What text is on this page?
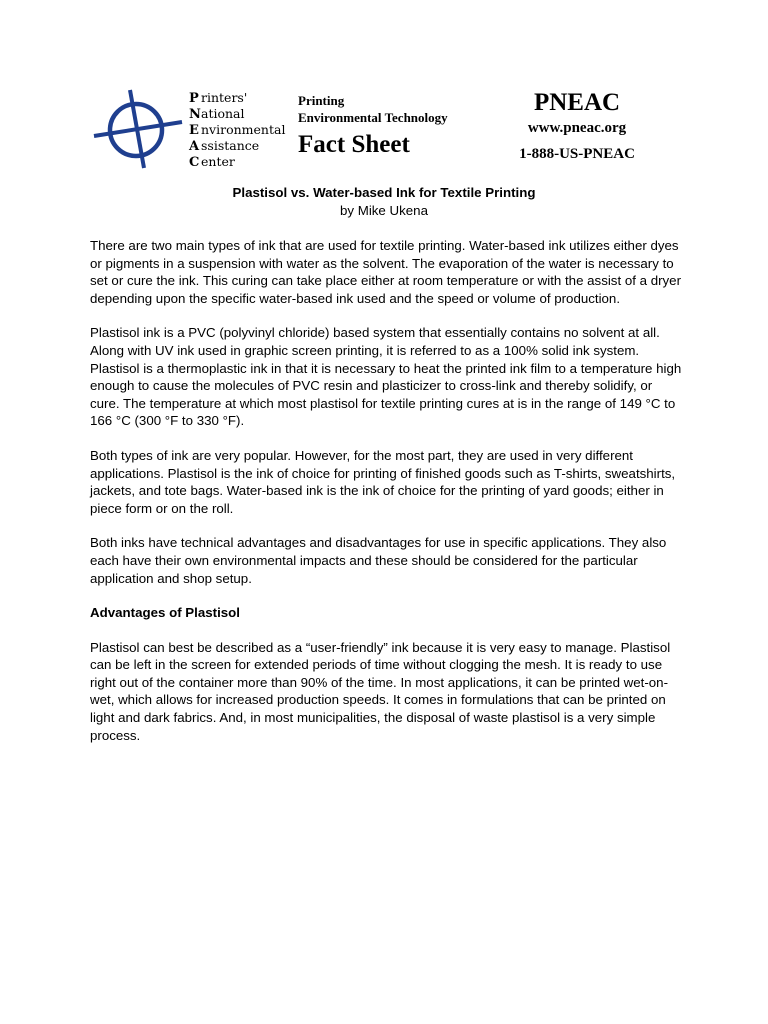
P rinters'
National
E nvironmental
A ssistance
C enter
Printing
Environmental Technology
Fact Sheet
PNEAC
www.pneac.org
1-888-US-PNEAC
Plastisol vs. Water-based Ink for Textile Printing
by Mike Ukena

There are two main types of ink that are used for textile printing. Water-based ink utilizes either dyes or pigments in a suspension with water as the solvent. The evaporation of the water is necessary to set or cure the ink. This curing can take place either at room temperature or with the assist of a dryer depending upon the specific water-based ink used and the speed or volume of production.

Plastisol ink is a PVC (polyvinyl chloride) based system that essentially contains no solvent at all. Along with UV ink used in graphic screen printing, it is referred to as a 100% solid ink system. Plastisol is a thermoplastic ink in that it is necessary to heat the printed ink film to a temperature high enough to cause the molecules of PVC resin and plasticizer to cross-link and thereby solidify, or cure. The temperature at which most plastisol for textile printing cures at is in the range of 149 °C to 166 °C (300 °F to 330 °F).

Both types of ink are very popular. However, for the most part, they are used in very different applications. Plastisol is the ink of choice for printing of finished goods such as T-shirts, sweatshirts, jackets, and tote bags. Water-based ink is the ink of choice for the printing of yard goods; either in piece form or on the roll.

Both inks have technical advantages and disadvantages for use in specific applications. They also each have their own environmental impacts and these should be considered for the particular application and shop setup.

Advantages of Plastisol

Plastisol can best be described as a “user-friendly” ink because it is very easy to manage. Plastisol can be left in the screen for extended periods of time without clogging the mesh. It is ready to use right out of the container more than 90% of the time. In most applications, it can be printed wet-on-wet, which allows for increased production speeds. It comes in formulations that can be printed on light and dark fabrics. And, in most municipalities, the disposal of waste plastisol is a very simple process.
